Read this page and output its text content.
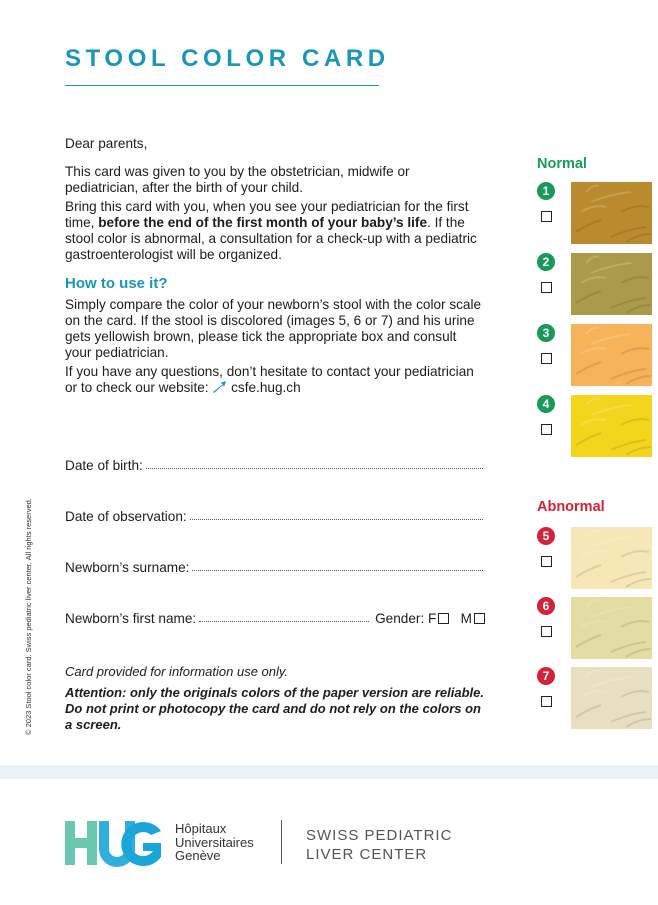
STOOL COLOR CARD

Dear parents,

This card was given to you by the obstetrician, midwife or pediatrician, after the birth of your child.

Bring this card with you, when you see your pediatrician for the first time, before the end of the first month of your baby’s life. If the stool color is abnormal, a consultation for a check-up with a pediatric gastroenterologist will be organized.

How to use it?

Simply compare the color of your newborn’s stool with the color scale on the card. If the stool is discolored (images 5, 6 or 7) and his urine gets yellowish brown, please tick the appropriate box and consult your pediatrician.

If you have any questions, don’t hesitate to contact your pediatrician or to check our website: csfe.hug.ch

Date of birth:
Date of observation:
Newborn’s surname:
Newborn’s first name:	Gender: F M

Card provided for information use only.

Attention: only the originals colors of the paper version are reliable. Do not print or photocopy the card and do not rely on the colors on a screen.

© 2023 Stool color card. Swiss pediatric liver center. All rights reserved.
Normal
Abnormal
1
2
3
4
5
6
7
Hôpitaux
Universitaires
Genève
SWISS PEDIATRIC
LIVER CENTER
